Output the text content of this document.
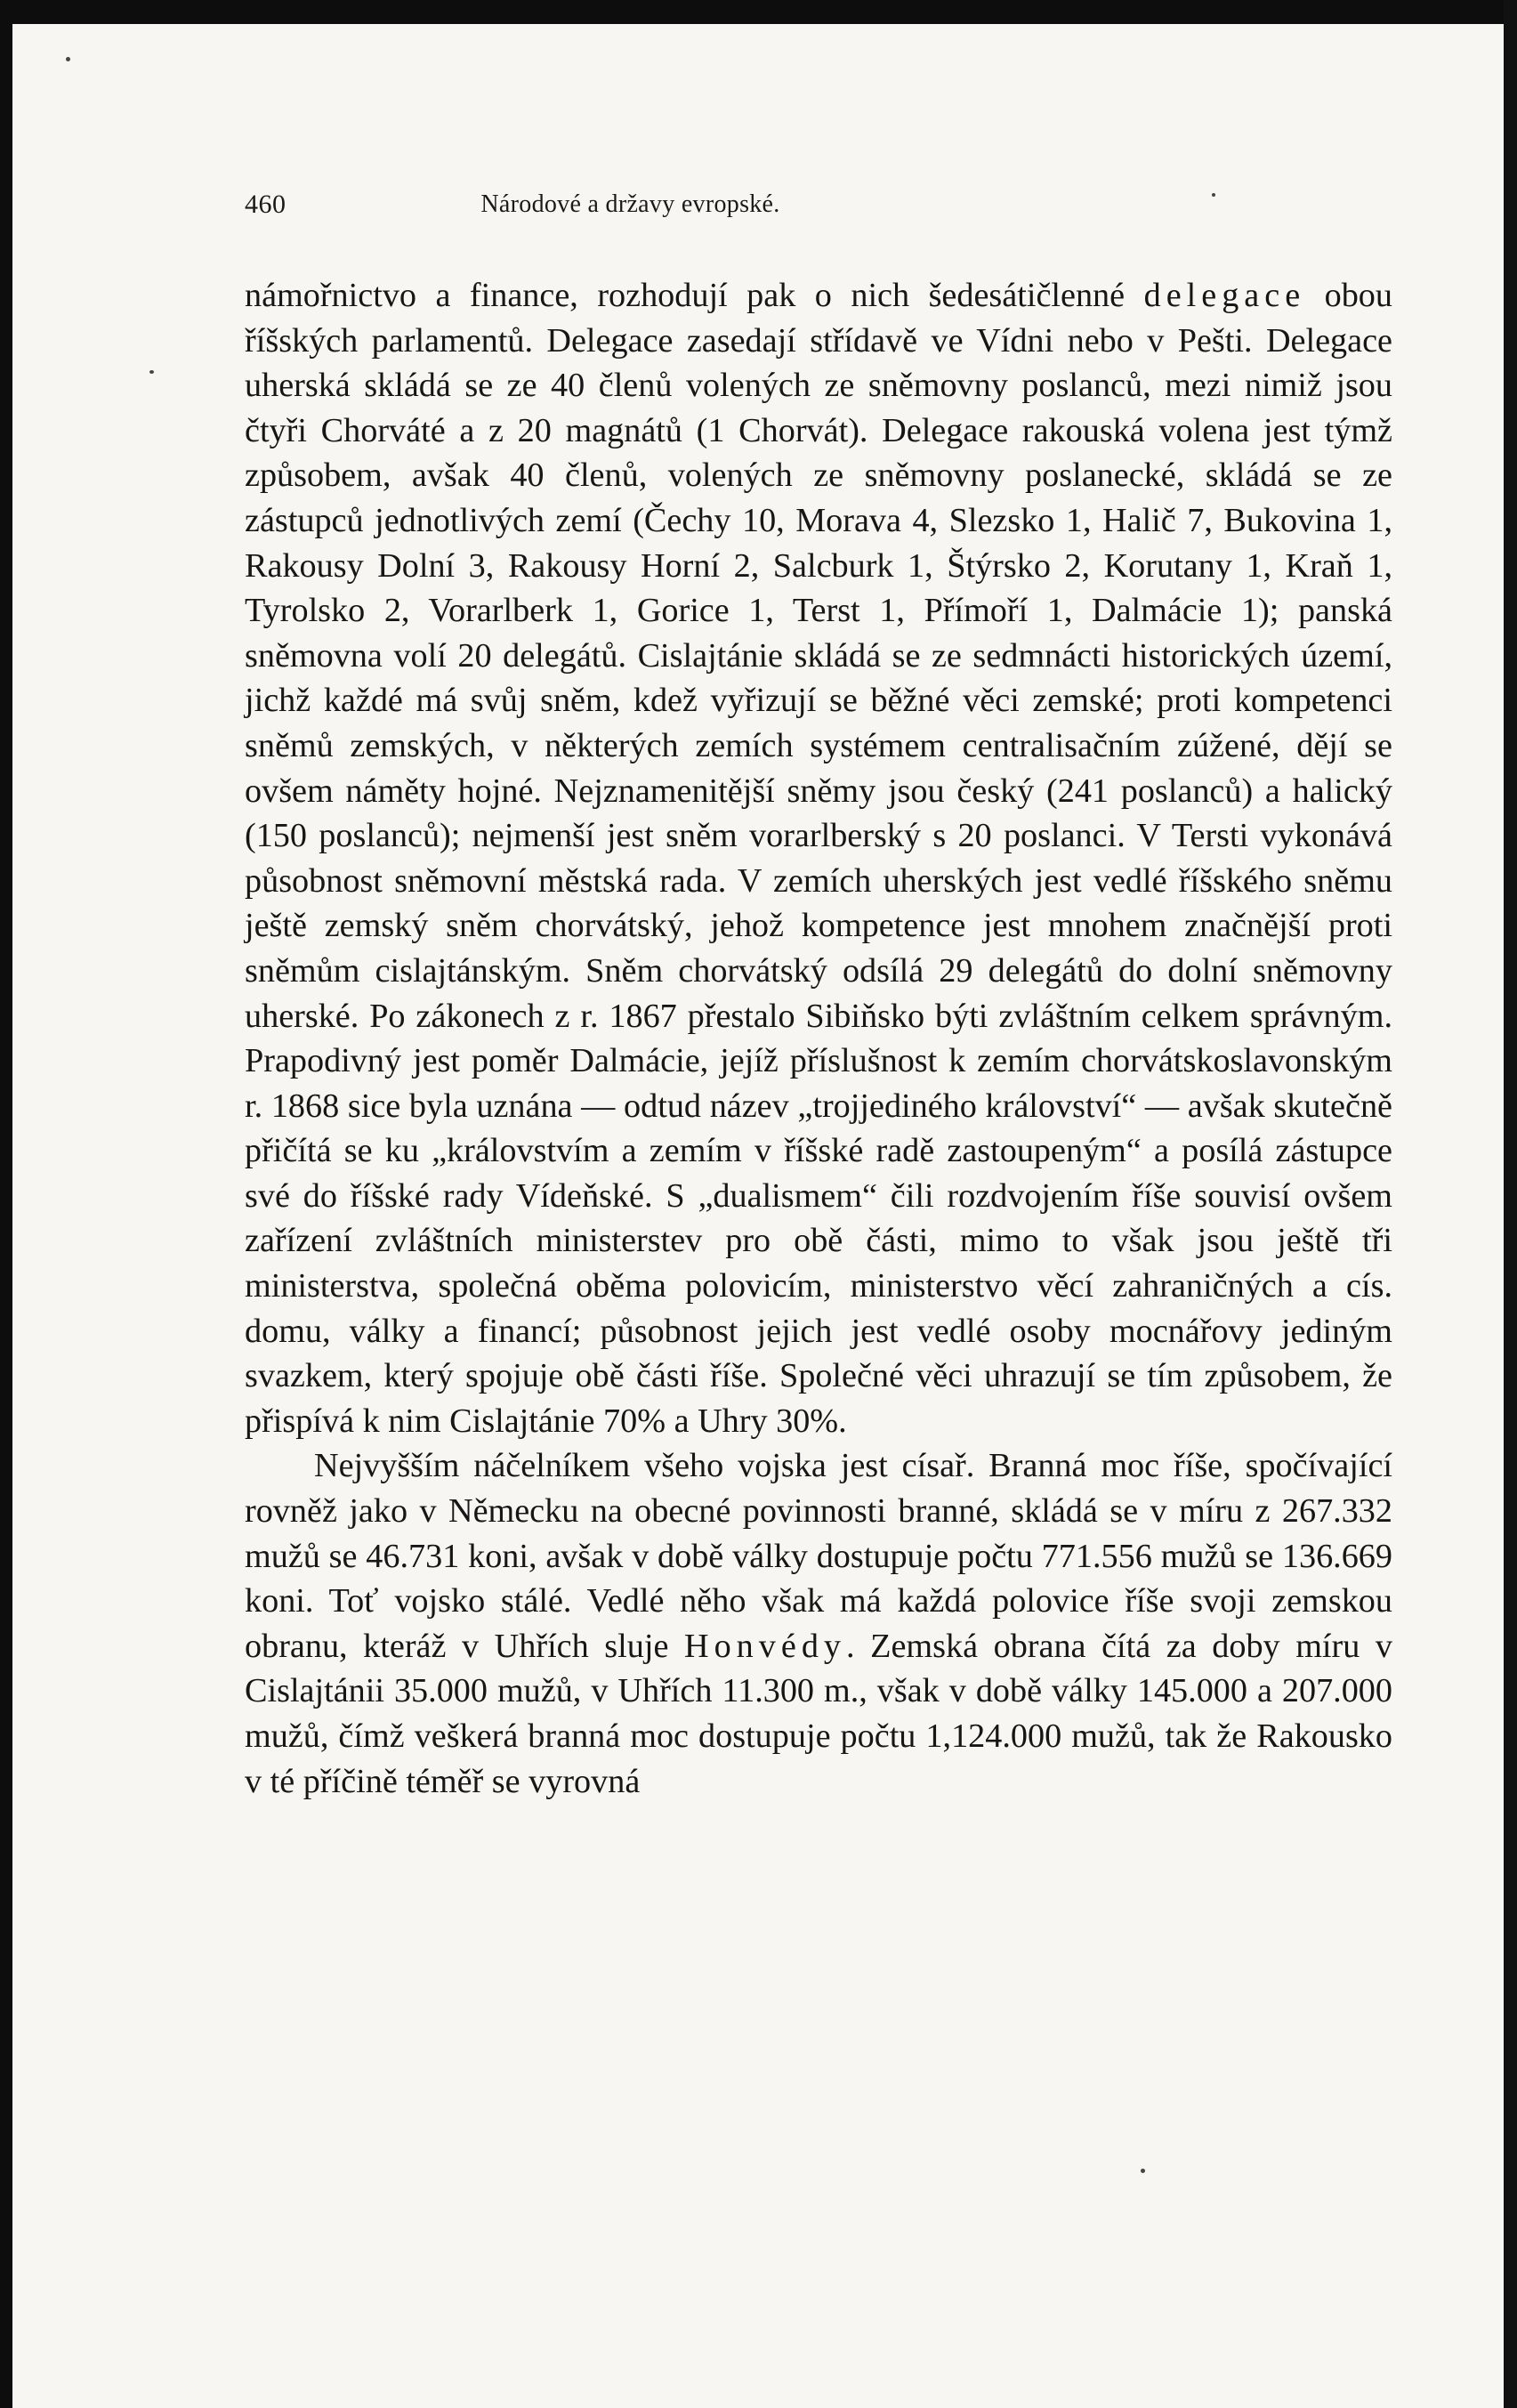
460	Národové a državy evropské.

námořnictvo a finance, rozhodují pak o nich šedesátičlenné delegace obou říšských parlamentů. Delegace zasedají střídavě ve Vídni nebo v Pešti. Delegace uherská skládá se ze 40 členů volených ze sněmovny poslanců, mezi nimiž jsou čtyři Chorváté a z 20 magnátů (1 Chorvát). Delegace rakouská volena jest týmž způsobem, avšak 40 členů, volených ze sněmovny poslanecké, skládá se ze zástupců jednotlivých zemí (Čechy 10, Morava 4, Slezsko 1, Halič 7, Bukovina 1, Rakousy Dolní 3, Rakousy Horní 2, Salcburk 1, Štýrsko 2, Korutany 1, Kraň 1, Tyrolsko 2, Vorarlberk 1, Gorice 1, Terst 1, Přímoří 1, Dalmácie 1); panská sněmovna volí 20 delegátů. Cislajtánie skládá se ze sedmnácti historických území, jichž každé má svůj sněm, kdež vyřizují se běžné věci zemské; proti kompetenci sněmů zemských, v některých zemích systémem centralisačním zúžené, dějí se ovšem náměty hojné. Nejznamenitější sněmy jsou český (241 poslanců) a halický (150 poslanců); nejmenší jest sněm vorarlberský s 20 poslanci. V Tersti vykonává působnost sněmovní městská rada. V zemích uherských jest vedlé říšského sněmu ještě zemský sněm chorvátský, jehož kompetence jest mnohem značnější proti sněmům cislajtánským. Sněm chorvátský odsílá 29 delegátů do dolní sněmovny uherské. Po zákonech z r. 1867 přestalo Sibiňsko býti zvláštním celkem správným. Prapodivný jest poměr Dalmácie, jejíž příslušnost k zemím chorvátskoslavonským r. 1868 sice byla uznána — odtud název „trojjediného království“ — avšak skutečně přičítá se ku „královstvím a zemím v říšské radě zastoupeným“ a posílá zástupce své do říšské rady Vídeňské. S „dualismem“ čili rozdvojením říše souvisí ovšem zařízení zvláštních ministerstev pro obě části, mimo to však jsou ještě tři ministerstva, společná oběma polovicím, ministerstvo věcí zahraničných a cís. domu, války a financí; působnost jejich jest vedlé osoby mocnářovy jediným svazkem, který spojuje obě části říše. Společné věci uhrazují se tím způsobem, že přispívá k nim Cislajtánie 70% a Uhry 30%.

Nejvyšším náčelníkem všeho vojska jest císař. Branná moc říše, spočívající rovněž jako v Německu na obecné povinnosti branné, skládá se v míru z 267.332 mužů se 46.731 koni, avšak v době války dostupuje počtu 771.556 mužů se 136.669 koni. Toť vojsko stálé. Vedlé něho však má každá polovice říše svoji zemskou obranu, kteráž v Uhřích sluje Honvédy. Zemská obrana čítá za doby míru v Cislajtánii 35.000 mužů, v Uhřích 11.300 m., však v době války 145.000 a 207.000 mužů, čímž veškerá branná moc dostupuje počtu 1,124.000 mužů, tak že Rakousko v té příčině téměř se vyrovná
